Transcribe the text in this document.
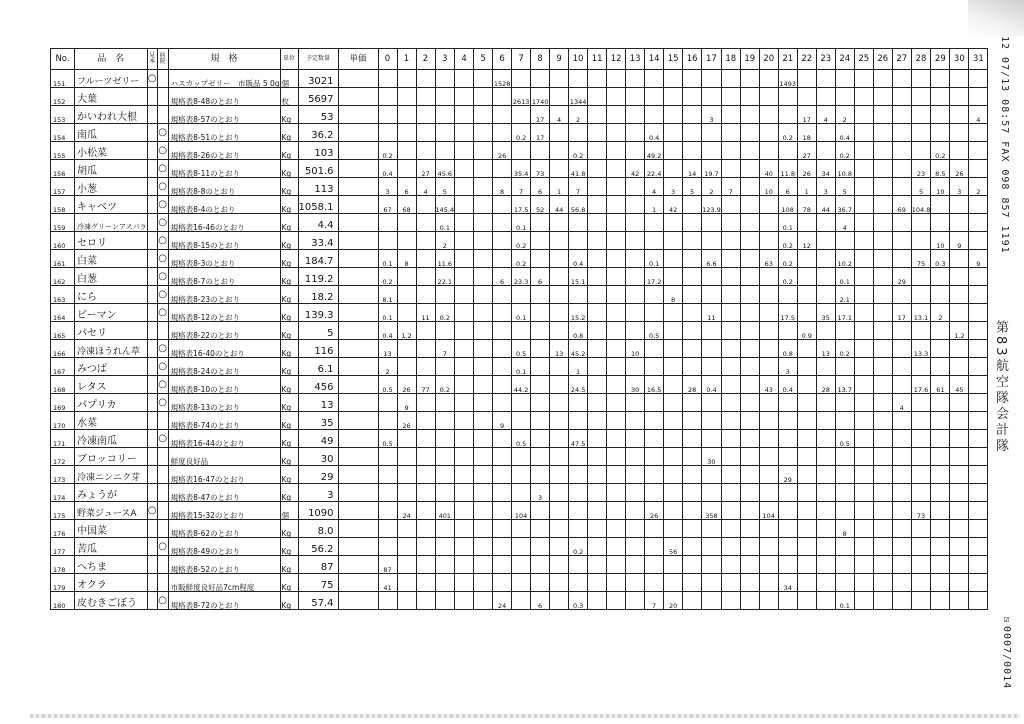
No.	品　名	見本	病院	規　格	単位	予定数量	単価	0	1	2	3	4	5	6	7	8	9	10	11	12	13	14	15	16	17	18	19	20	21	22	23	24	25	26	27	28	29	30	31
151	フルーツゼリー	○		ハスカップゼリー　市販品 5 0g	個	3021								1528															1493										
152	大葉			規格表8-48のとおり	枚	5697									2613	1740		1344																					
153	かいわれ大根			規格表8-57のとおり	Kg	53										17	4	2							3					17	4	2							4
154	南瓜		○	規格表8-51のとおり	Kg	36.2									0.2	17						0.4							0.2	18		0.4							
155	小松菜		○	規格表8-26のとおり	Kg	103		0.2						26				0.2				49.2								27		0.2					0.2		
156	胡瓜		○	規格表8-11のとおり	Kg	501.6		0.4		27	45.6				35.4	73		41.8			42	22.4		14	19.7			40	11.8	26	34	10.8				23	8.5	26	
157	小葱		○	規格表8-8のとおり	Kg	113		3	6	4	5			8	7	6	1	7				4	3	5	2	7		10	6	1	3	5				5	10	3	2
158	キャベツ		○	規格表8-4のとおり	Kg	1058.1		67	68		145.4				17.5	52	44	56.8				1	42		123.9				108	78	44	36.7			69	104.8			
159	冷凍グリーンアスパラ		○	規格表16-46のとおり	Kg	4.4					0.1				0.1														0.1			4							
160	セロリ		○	規格表8-15のとおり	Kg	33.4					2				0.2														0.2	12							10	9	
161	白菜		○	規格表8-3のとおり	Kg	184.7		0.1	8		11.6				0.2			0.4				0.1			6.6			63	0.2			10.2				75	0.3		9
162	白葱		○	規格表8-7のとおり	Kg	119.2		0.2			22.1			6	23.3	6		15.1				17.2							0.2			0.1			29				
163	にら		○	規格表8-23のとおり	Kg	18.2		8.1															8									2.1							
164	ピーマン		○	規格表8-12のとおり	Kg	139.3		0.1		11	0.2				0.1			15.2							11				17.5		35	17.1			17	13.1	2		
165	パセリ			規格表8-22のとおり	Kg	5		0.4	1.2									0.8				0.5								0.9								1.2	
166	冷凍ほうれん草		○	規格表16-40のとおり	Kg	116		13			7				0.5		13	45.2			10								0.8		13	0.2				13.3			
167	みつば		○	規格表8-24のとおり	Kg	6.1		2							0.1			1											3										
168	レタス		○	規格表8-10のとおり	Kg	456		0.5	26	77	0.2				44.2			24.5			30	16.5		28	0.4			43	0.4		28	13.7				17.6	61	45	
169	パプリカ		○	規格表8-13のとおり	Kg	13			9																										4				
170	水菜			規格表8-74のとおり	Kg	35			26					9																									
171	冷凍南瓜		○	規格表16-44のとおり	Kg	49		0.5							0.5			47.5														0.5							
172	ブロッコリー			鮮度良好品	Kg	30																			30														
173	冷凍ニンニク芽			規格表16-47のとおり	Kg	29																							29										
174	みょうが			規格表8-47のとおり	Kg	3										3																							
175	野菜ジュースA	○		規格表15-32のとおり	個	1090			24		401				104							26			358			104								73			
176	中国菜			規格表8-62のとおり	Kg	8.0																										8							
177	苦瓜		○	規格表8-49のとおり	Kg	56.2												0.2					56																
178	へちま			規格表8-52のとおり	Kg	87		87																															
179	オクラ			市販鮮度良好品7cm程度	Kg	75		41																					34										
180	皮むきごぼう		○	規格表8-72のとおり	Kg	57.4								24		6		0.3				7	20									0.1							
12 07/13 08:57 FAX 098 857 1191
第83航空隊会計隊
☑0007/0014
